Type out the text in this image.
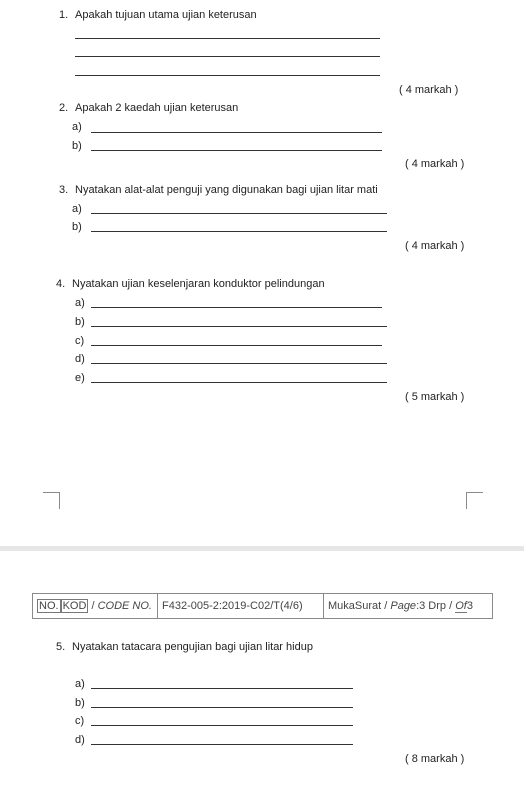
1. Apakah tujuan utama ujian keterusan
( 4 markah )
2. Apakah 2 kaedah ujian keterusan
a)
b)
( 4 markah )
3. Nyatakan alat-alat penguji yang digunakan bagi ujian litar mati
a)
b)
( 4 markah )
4. Nyatakan ujian keselenjaran konduktor pelindungan
a)
b)
c)
d)
e)
( 5 markah )
NO. KOD / CODE NO.	F432-005-2:2019-C02/T(4/6)	MukaSurat / Page:3 Drp / Of3
5. Nyatakan tatacara pengujian bagi ujian litar hidup
a)
b)
c)
d)
( 8 markah )
